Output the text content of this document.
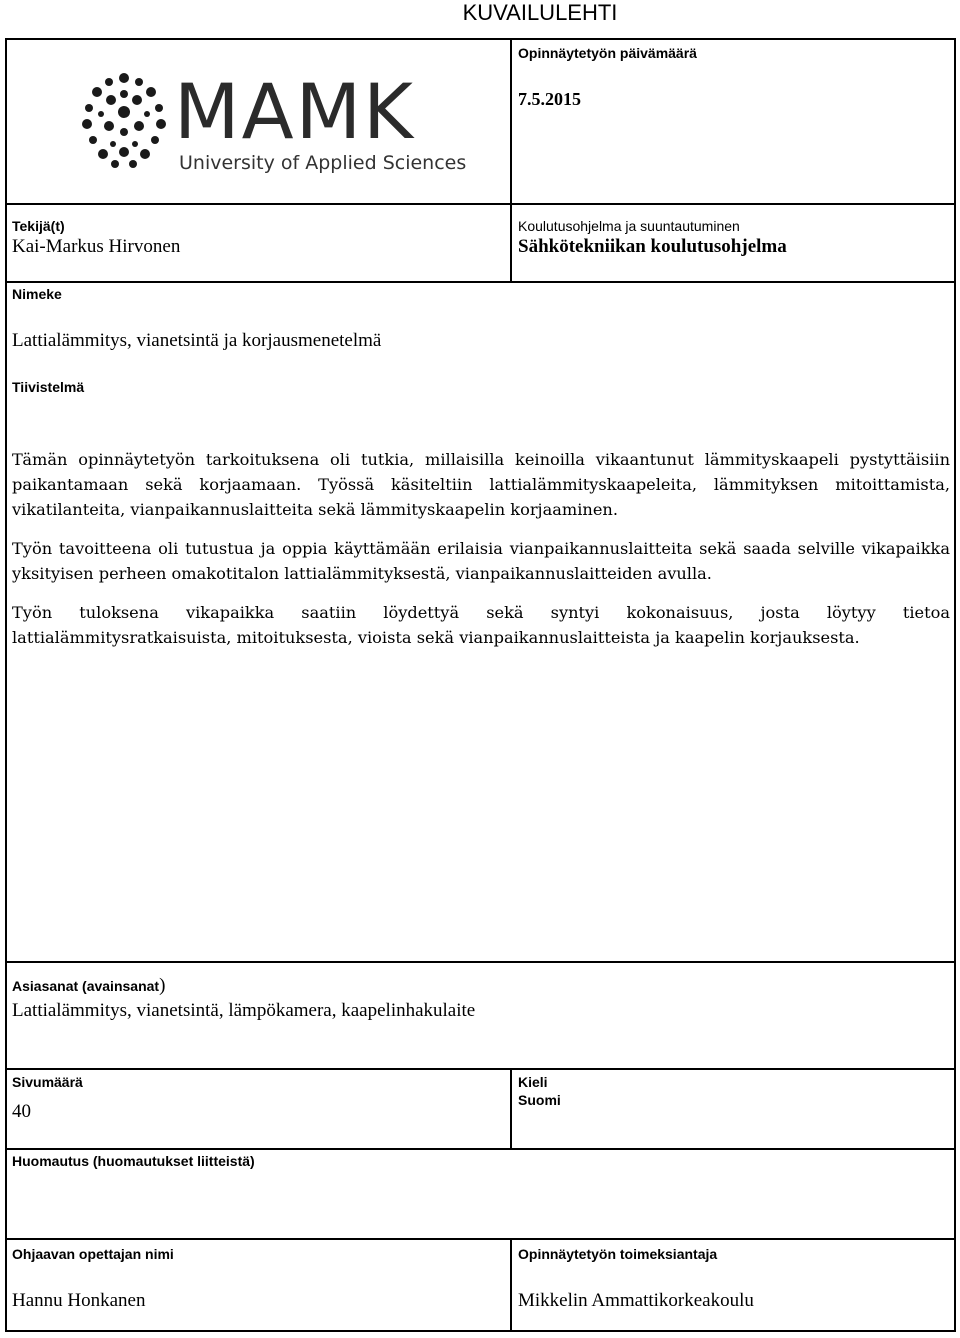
KUVAILULEHTI
MAMK
University of Applied Sciences
Opinnäytetyön päivämäärä
7.5.2015
Tekijä(t)
Kai-Markus Hirvonen
Koulutusohjelma ja suuntautuminen
Sähkötekniikan koulutusohjelma
Nimeke
Lattialämmitys, vianetsintä ja korjausmenetelmä
Tiivistelmä

Tämän opinnäytetyön tarkoituksena oli tutkia, millaisilla keinoilla vikaantunut lämmityskaapeli pystyttäisiin paikantamaan sekä korjaamaan. Työssä käsiteltiin lattialämmityskaapeleita, lämmityksen mitoittamista, vikatilanteita, vianpaikannuslaitteita sekä lämmityskaapelin korjaaminen.

Työn tavoitteena oli tutustua ja oppia käyttämään erilaisia vianpaikannuslaitteita sekä saada selville vikapaikka yksityisen perheen omakotitalon lattialämmityksestä, vianpaikannuslaitteiden avulla.

Työn tuloksena vikapaikka saatiin löydettyä sekä syntyi kokonaisuus, josta löytyy tietoa lattialämmitysratkaisuista, mitoituksesta, vioista sekä vianpaikannuslaitteista ja kaapelin korjauksesta.

Asiasanat (avainsanat)
Lattialämmitys, vianetsintä, lämpökamera, kaapelinhakulaite
Sivumäärä
40
Kieli
Suomi
Huomautus (huomautukset liitteistä)
Ohjaavan opettajan nimi
Hannu Honkanen
Opinnäytetyön toimeksiantaja
Mikkelin Ammattikorkeakoulu
